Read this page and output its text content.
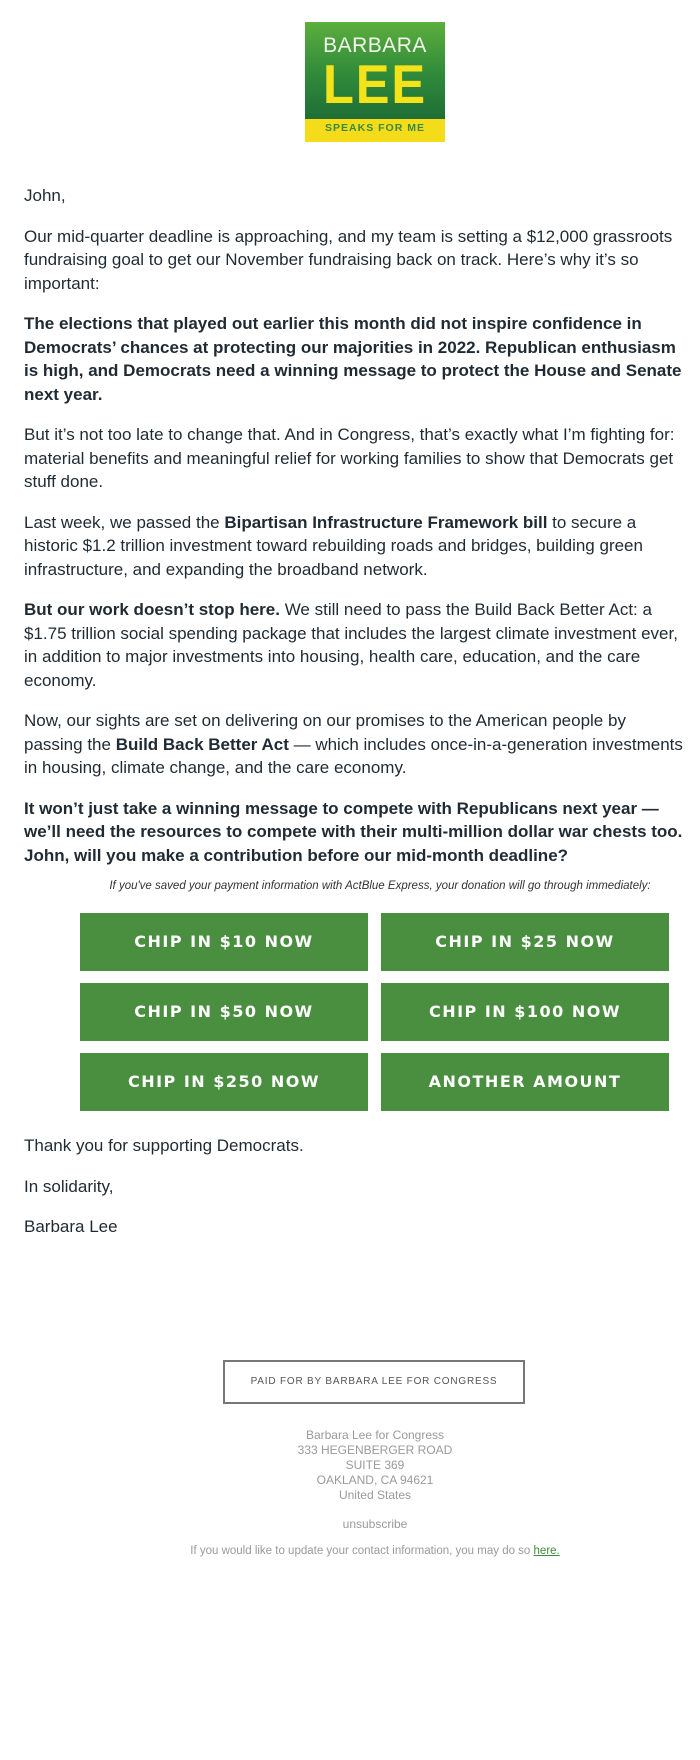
BARBARA
LEE
SPEAKS FOR ME

John,

Our mid-quarter deadline is approaching, and my team is setting a $12,000 grassroots
fundraising goal to get our November fundraising back on track. Here’s why it’s so
important:

The elections that played out earlier this month did not inspire confidence in
Democrats’ chances at protecting our majorities in 2022. Republican enthusiasm
is high, and Democrats need a winning message to protect the House and Senate
next year.

But it’s not too late to change that. And in Congress, that’s exactly what I’m fighting for:
material benefits and meaningful relief for working families to show that Democrats get
stuff done.

Last week, we passed the Bipartisan Infrastructure Framework bill to secure a
historic $1.2 trillion investment toward rebuilding roads and bridges, building green
infrastructure, and expanding the broadband network.

But our work doesn’t stop here. We still need to pass the Build Back Better Act: a
$1.75 trillion social spending package that includes the largest climate investment ever,
in addition to major investments into housing, health care, education, and the care
economy.

Now, our sights are set on delivering on our promises to the American people by
passing the Build Back Better Act — which includes once-in-a-generation investments
in housing, climate change, and the care economy.

It won’t just take a winning message to compete with Republicans next year —
we’ll need the resources to compete with their multi-million dollar war chests too.
John, will you make a contribution before our mid-month deadline?

If you've saved your payment information with ActBlue Express, your donation will go through immediately:
CHIP IN $10 NOW	CHIP IN $25 NOW
CHIP IN $50 NOW	CHIP IN $100 NOW
CHIP IN $250 NOW	ANOTHER AMOUNT

Thank you for supporting Democrats.

In solidarity,

Barbara Lee

PAID FOR BY BARBARA LEE FOR CONGRESS
Barbara Lee for Congress
333 HEGENBERGER ROAD
SUITE 369
OAKLAND, CA 94621
United States
unsubscribe
If you would like to update your contact information, you may do so here.
